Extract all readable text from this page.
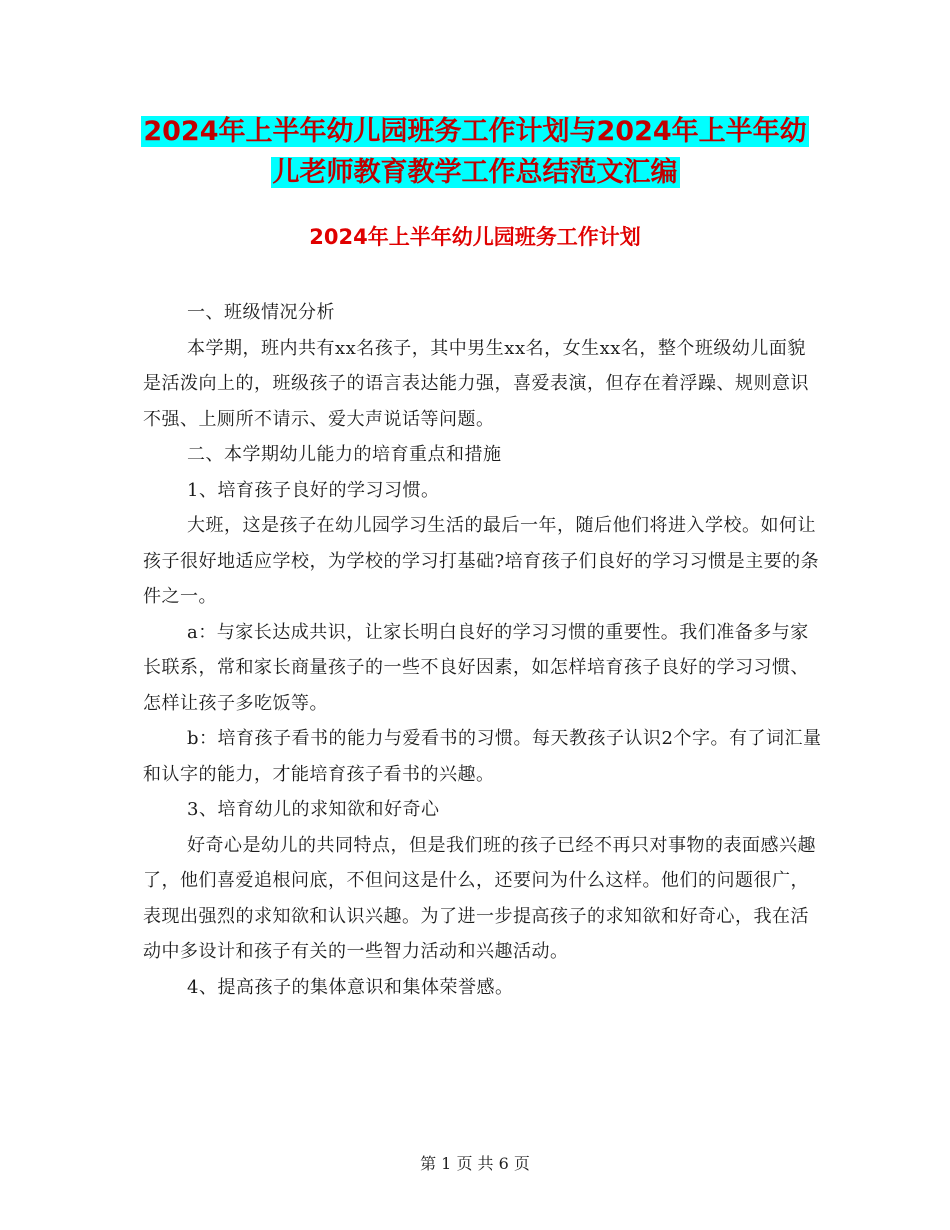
2024年上半年幼儿园班务工作计划与2024年上半年幼
儿老师教育教学工作总结范文汇编
2024年上半年幼儿园班务工作计划

一、班级情况分析

本学期，班内共有xx名孩子，其中男生xx名，女生xx名，整个班级幼儿面貌是活泼向上的，班级孩子的语言表达能力强，喜爱表演，但存在着浮躁、规则意识不强、上厕所不请示、爱大声说话等问题。

二、本学期幼儿能力的培育重点和措施

1、培育孩子良好的学习习惯。

大班，这是孩子在幼儿园学习生活的最后一年，随后他们将进入学校。如何让孩子很好地适应学校，为学校的学习打基础?培育孩子们良好的学习习惯是主要的条件之一。

a：与家长达成共识，让家长明白良好的学习习惯的重要性。我们准备多与家长联系，常和家长商量孩子的一些不良好因素，如怎样培育孩子良好的学习习惯、怎样让孩子多吃饭等。

b：培育孩子看书的能力与爱看书的习惯。每天教孩子认识2个字。有了词汇量和认字的能力，才能培育孩子看书的兴趣。

3、培育幼儿的求知欲和好奇心

好奇心是幼儿的共同特点，但是我们班的孩子已经不再只对事物的表面感兴趣了，他们喜爱追根问底，不但问这是什么，还要问为什么这样。他们的问题很广，表现出强烈的求知欲和认识兴趣。为了进一步提高孩子的求知欲和好奇心，我在活动中多设计和孩子有关的一些智力活动和兴趣活动。

4、提高孩子的集体意识和集体荣誉感。

第 1 页 共 6 页
